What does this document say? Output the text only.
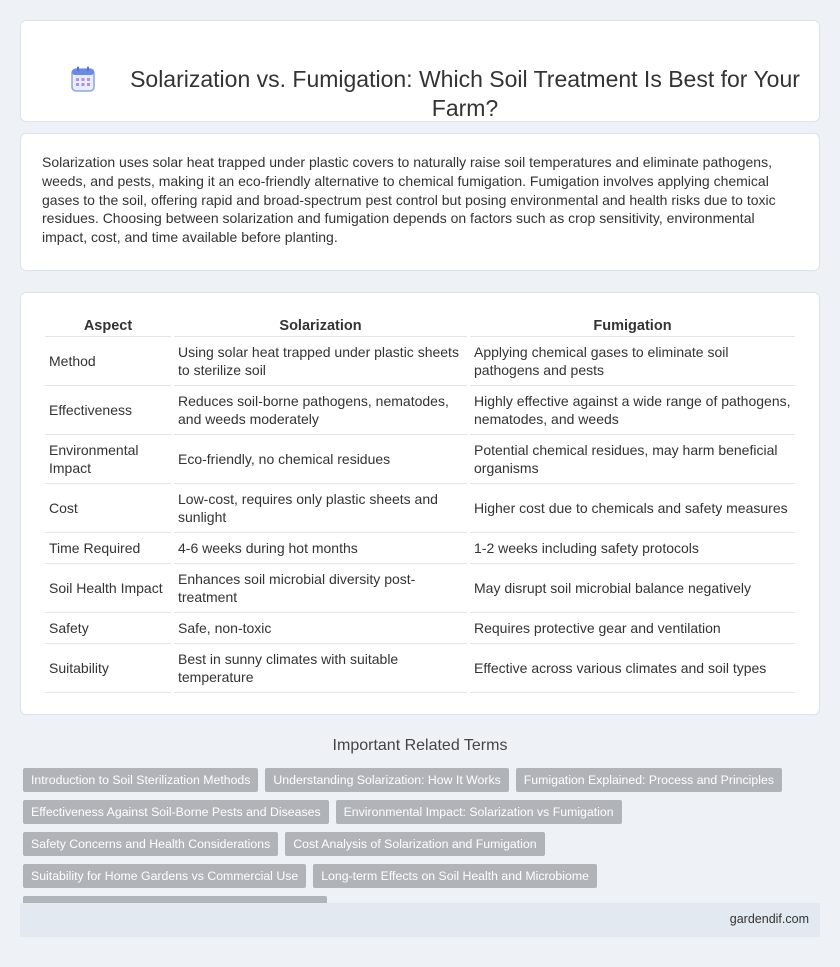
Solarization vs. Fumigation: Which Soil Treatment Is Best for Your Farm?

Solarization uses solar heat trapped under plastic covers to naturally raise soil temperatures and eliminate pathogens, weeds, and pests, making it an eco-friendly alternative to chemical fumigation. Fumigation involves applying chemical gases to the soil, offering rapid and broad-spectrum pest control but posing environmental and health risks due to toxic residues. Choosing between solarization and fumigation depends on factors such as crop sensitivity, environmental impact, cost, and time available before planting.

Aspect	Solarization	Fumigation
Method	Using solar heat trapped under plastic sheets to sterilize soil	Applying chemical gases to eliminate soil pathogens and pests
Effectiveness	Reduces soil-borne pathogens, nematodes, and weeds moderately	Highly effective against a wide range of pathogens, nematodes, and weeds
Environmental Impact	Eco-friendly, no chemical residues	Potential chemical residues, may harm beneficial organisms
Cost	Low-cost, requires only plastic sheets and sunlight	Higher cost due to chemicals and safety measures
Time Required	4-6 weeks during hot months	1-2 weeks including safety protocols
Soil Health Impact	Enhances soil microbial diversity post-treatment	May disrupt soil microbial balance negatively
Safety	Safe, non-toxic	Requires protective gear and ventilation
Suitability	Best in sunny climates with suitable temperature	Effective across various climates and soil types
Important Related Terms
Introduction to Soil Sterilization Methods	Understanding Solarization: How It Works	Fumigation Explained: Process and Principles
Effectiveness Against Soil-Borne Pests and Diseases	Environmental Impact: Solarization vs Fumigation
Safety Concerns and Health Considerations	Cost Analysis of Solarization and Fumigation
Suitability for Home Gardens vs Commercial Use	Long-term Effects on Soil Health and Microbiome
gardendif.com
